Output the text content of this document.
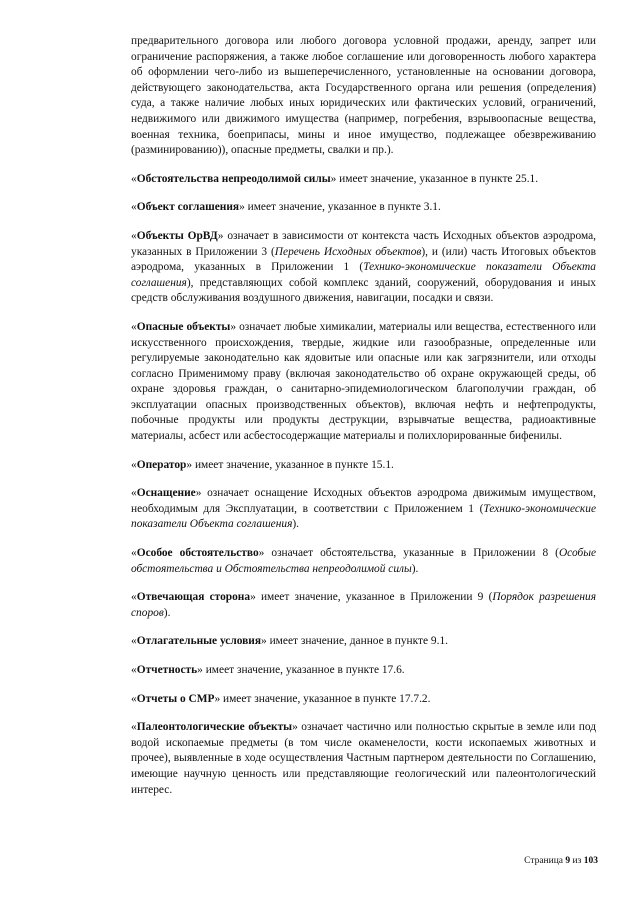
предварительного договора или любого договора условной продажи, аренду, запрет или ограничение распоряжения, а также любое соглашение или договоренность любого характера об оформлении чего-либо из вышеперечисленного, установленные на основании договора, действующего законодательства, акта Государственного органа или решения (определения) суда, а также наличие любых иных юридических или фактических условий, ограничений, недвижимого или движимого имущества (например, погребения, взрывоопасные вещества, военная техника, боеприпасы, мины и иное имущество, подлежащее обезвреживанию (разминированию)), опасные предметы, свалки и пр.).

«Обстоятельства непреодолимой силы» имеет значение, указанное в пункте 25.1.

«Объект соглашения» имеет значение, указанное в пункте 3.1.

«Объекты ОрВД» означает в зависимости от контекста часть Исходных объектов аэродрома, указанных в Приложении 3 (Перечень Исходных объектов), и (или) часть Итоговых объектов аэродрома, указанных в Приложении 1 (Технико-экономические показатели Объекта соглашения), представляющих собой комплекс зданий, сооружений, оборудования и иных средств обслуживания воздушного движения, навигации, посадки и связи.

«Опасные объекты» означает любые химикалии, материалы или вещества, естественного или искусственного происхождения, твердые, жидкие или газообразные, определенные или регулируемые законодательно как ядовитые или опасные или как загрязнители, или отходы согласно Применимому праву (включая законодательство об охране окружающей среды, об охране здоровья граждан, о санитарно-эпидемиологическом благополучии граждан, об эксплуатации опасных производственных объектов), включая нефть и нефтепродукты, побочные продукты или продукты деструкции, взрывчатые вещества, радиоактивные материалы, асбест или асбестосодержащие материалы и полихлорированные бифенилы.

«Оператор» имеет значение, указанное в пункте 15.1.

«Оснащение» означает оснащение Исходных объектов аэродрома движимым имуществом, необходимым для Эксплуатации, в соответствии с Приложением 1 (Технико-экономические показатели Объекта соглашения).

«Особое обстоятельство» означает обстоятельства, указанные в Приложении 8 (Особые обстоятельства и Обстоятельства непреодолимой силы).

«Отвечающая сторона» имеет значение, указанное в Приложении 9 (Порядок разрешения споров).

«Отлагательные условия» имеет значение, данное в пункте 9.1.

«Отчетность» имеет значение, указанное в пункте 17.6.

«Отчеты о СМР» имеет значение, указанное в пункте 17.7.2.

«Палеонтологические объекты» означает частично или полностью скрытые в земле или под водой ископаемые предметы (в том числе окаменелости, кости ископаемых животных и прочее), выявленные в ходе осуществления Частным партнером деятельности по Соглашению, имеющие научную ценность или представляющие геологический или палеонтологический интерес.

Страница 9 из 103
